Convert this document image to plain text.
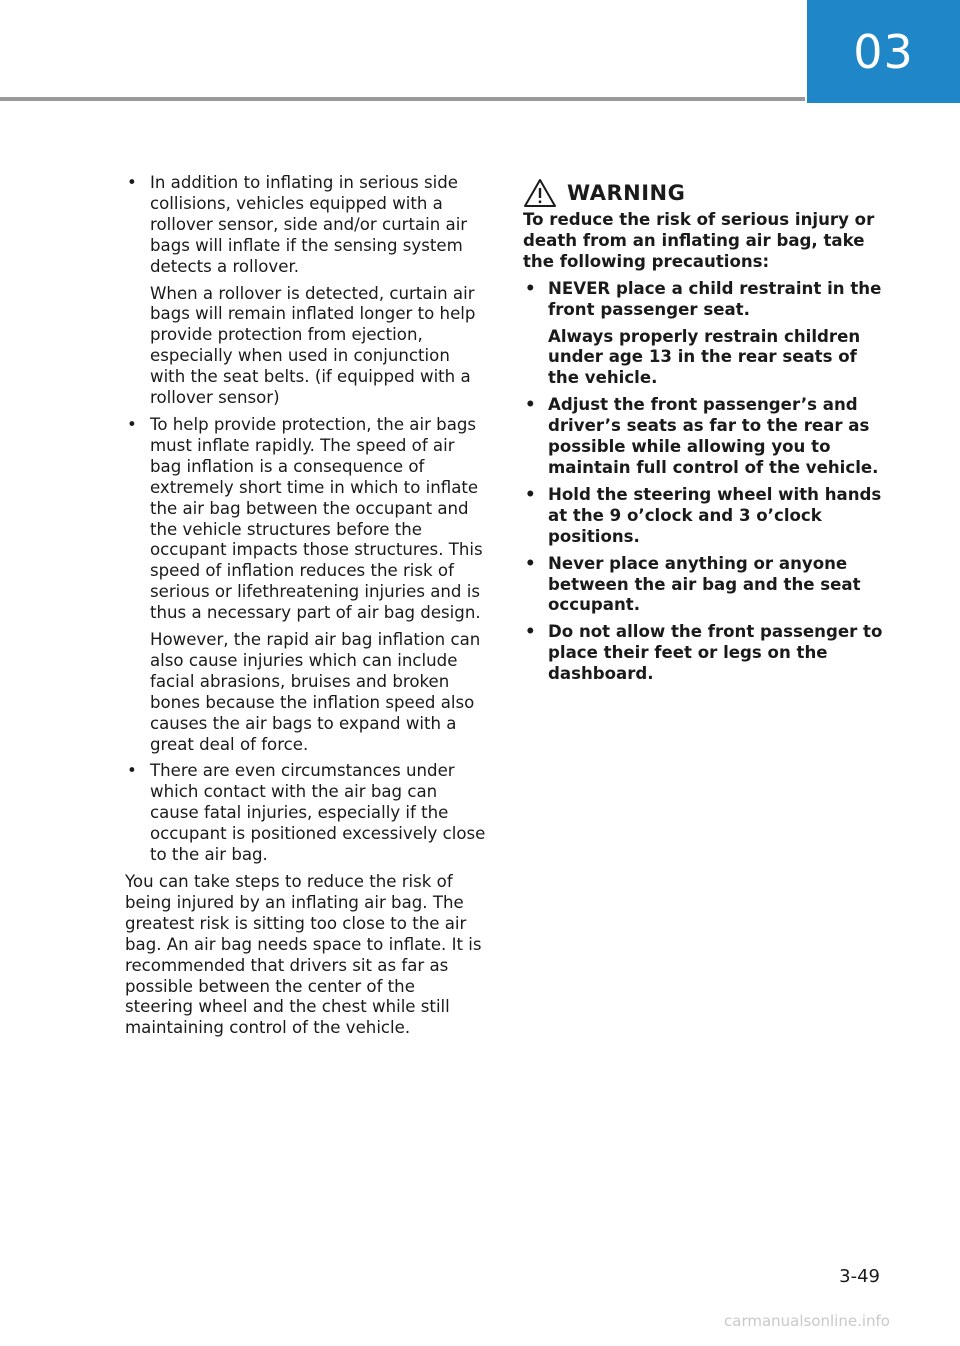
03

• In addition to inflating in serious side collisions, vehicles equipped with a rollover sensor, side and/or curtain air bags will inflate if the sensing system detects a rollover.

When a rollover is detected, curtain air bags will remain inflated longer to help provide protection from ejection, especially when used in conjunction with the seat belts. (if equipped with a rollover sensor)

• To help provide protection, the air bags must inflate rapidly. The speed of air bag inflation is a consequence of extremely short time in which to inflate the air bag between the occupant and the vehicle structures before the occupant impacts those structures. This speed of inflation reduces the risk of serious or lifethreatening injuries and is thus a necessary part of air bag design.

However, the rapid air bag inflation can also cause injuries which can include facial abrasions, bruises and broken bones because the inflation speed also causes the air bags to expand with a great deal of force.

• There are even circumstances under which contact with the air bag can cause fatal injuries, especially if the occupant is positioned excessively close to the air bag.

You can take steps to reduce the risk of being injured by an inflating air bag. The greatest risk is sitting too close to the air bag. An air bag needs space to inflate. It is recommended that drivers sit as far as possible between the center of the steering wheel and the chest while still maintaining control of the vehicle.

WARNING

To reduce the risk of serious injury or death from an inflating air bag, take the following precautions:

• NEVER place a child restraint in the front passenger seat.

Always properly restrain children under age 13 in the rear seats of the vehicle.

• Adjust the front passenger’s and driver’s seats as far to the rear as possible while allowing you to maintain full control of the vehicle.

• Hold the steering wheel with hands at the 9 o’clock and 3 o’clock positions.

• Never place anything or anyone between the air bag and the seat occupant.

• Do not allow the front passenger to place their feet or legs on the dashboard.

3-49
carmanualsonline.info
